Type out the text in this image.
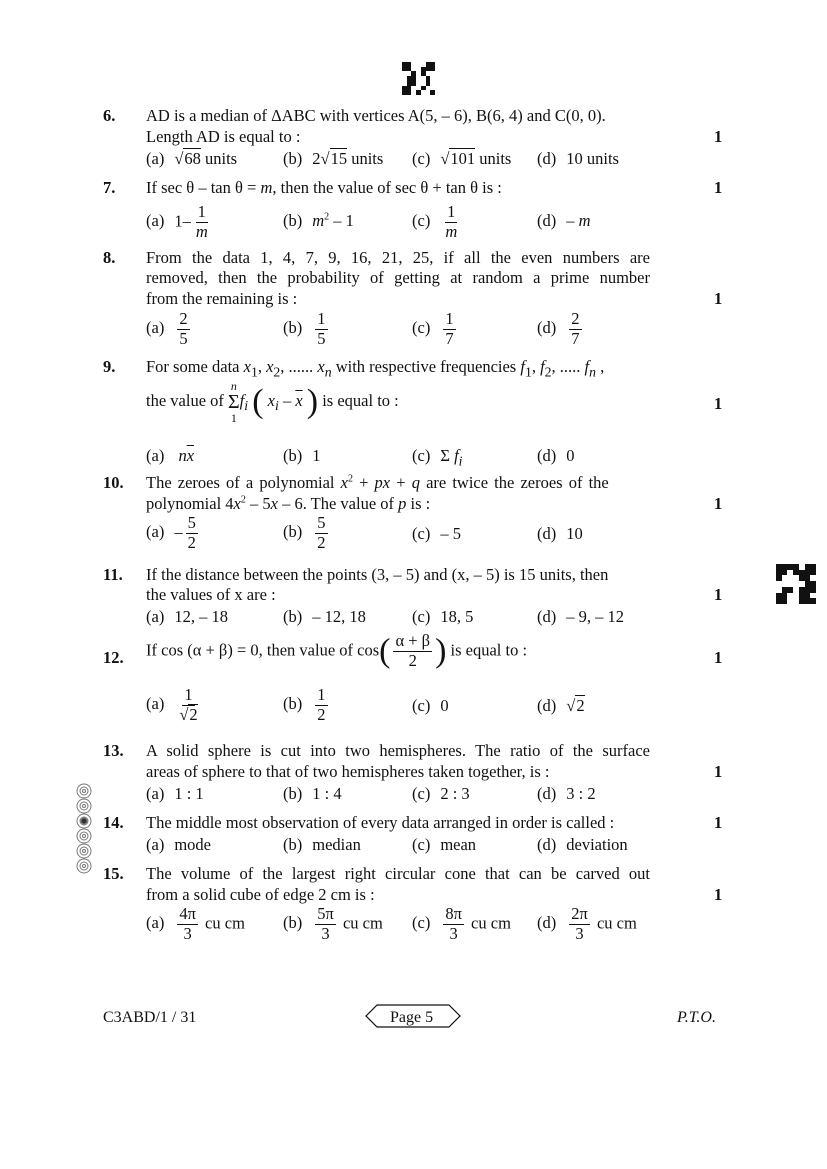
6. AD is a median of ΔABC with vertices A(5, – 6), B(6, 4) and C(0, 0).
Length AD is equal to :	1
(a) √68 units	(b) 2√15 units (c) √101 units (d) 10 units
7. If sec θ – tan θ = m, then the value of sec θ + tan θ is :	1
(a) $1- \frac{1}{m}$	(b) $m^2 - 1$	$(c) \frac{1}{m}$	(d) – m
8. From the data 1, 4, 7, 9, 16, 21, 25, if all the even numbers are
removed, then the probability of getting at random a prime number
from the remaining is :	1
$(a) \frac{2}{5}$	$(b) \frac{1}{5}$	$(c) \frac{1}{7}$	$(d) \frac{2}{7}$
9. For some data $x_1$, $x_2$, ...... $x_n$ with respective frequencies $f_1$, $f_2$, ..... $f_n$ ,
the value of
n
Σ
1
$f_i$ ( $x_i - \overline{x}$ ) is equal to :	1
(a) $n\overline{x}$	(b) 1	(c) Σ $f_i$	(d) 0
10. The zeroes of a polynomial $x^2$ + px + q are twice the zeroes of the
polynomial $4x^2 - 5x - 6$. The value of p is :	1
$(a) - \frac{5}{2}$	$(b) \frac{5}{2}$	(c) – 5	(d) 10
11. If the distance between the points (3, – 5) and (x, – 5) is 15 units, then
the values of x are :	1
(a) 12, – 18	(b) – 12, 18	(c) 18, 5	(d) – 9, – 12
12. If cos (α + β) = 0, then value of $\cos( \frac{\alpha + \beta}{2}$ ) is equal to :	1
$(a) \frac{1}{√2}$	$(b) \frac{1}{2}$	(c) 0	(d) √2
13. A solid sphere is cut into two hemispheres. The ratio of the surface
areas of sphere to that of two hemispheres taken together, is :	1
(a) 1 : 1	(b) 1 : 4	(c) 2 : 3	(d) 3 : 2
14. The middle most observation of every data arranged in order is called :	1
(a) mode	(b) median	(c) mean	(d) deviation
15. The volume of the largest right circular cone that can be carved out
from a solid cube of edge 2 cm is :	1
$(a) \frac{4\pi}{3}$ cu cm $(b) \frac{5\pi}{3}$ cu cm $(c) \frac{8\pi}{3}$ cu cm $(d) \frac{2\pi}{3}$ cu cm
C3ABD/1 / 31	Page 5	P.T.O.
